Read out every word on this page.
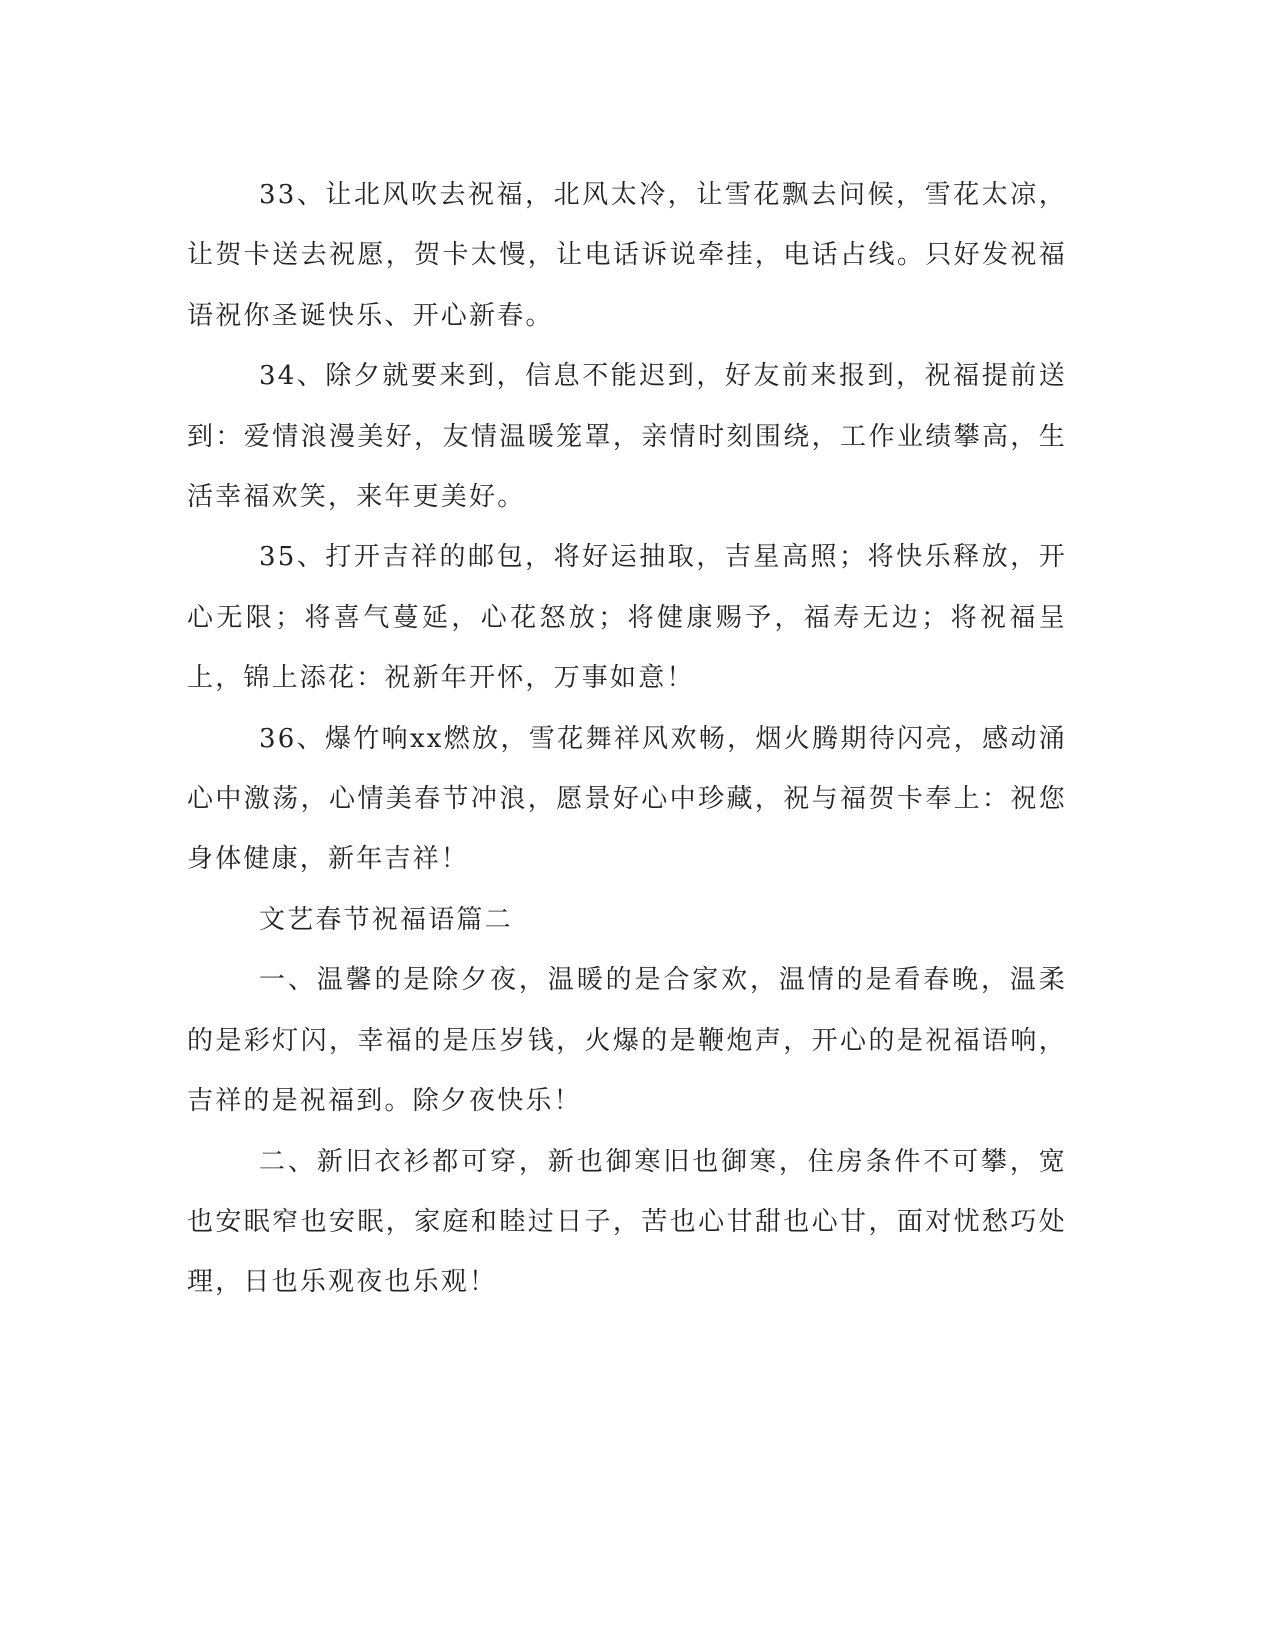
33、让北风吹去祝福，北风太冷，让雪花飘去问候，雪花太凉，让贺卡送去祝愿，贺卡太慢，让电话诉说牵挂，电话占线。只好发祝福语祝你圣诞快乐、开心新春。

34、除夕就要来到，信息不能迟到，好友前来报到，祝福提前送到：爱情浪漫美好，友情温暖笼罩，亲情时刻围绕，工作业绩攀高，生活幸福欢笑，来年更美好。

35、打开吉祥的邮包，将好运抽取，吉星高照；将快乐释放，开心无限；将喜气蔓延，心花怒放；将健康赐予，福寿无边；将祝福呈上，锦上添花：祝新年开怀，万事如意！

36、爆竹响xx燃放，雪花舞祥风欢畅，烟火腾期待闪亮，感动涌心中激荡，心情美春节冲浪，愿景好心中珍藏，祝与福贺卡奉上：祝您身体健康，新年吉祥！

文艺春节祝福语篇二

一、温馨的是除夕夜，温暖的是合家欢，温情的是看春晚，温柔的是彩灯闪，幸福的是压岁钱，火爆的是鞭炮声，开心的是祝福语响，吉祥的是祝福到。除夕夜快乐！

二、新旧衣衫都可穿，新也御寒旧也御寒，住房条件不可攀，宽也安眠窄也安眠，家庭和睦过日子，苦也心甘甜也心甘，面对忧愁巧处理，日也乐观夜也乐观！
